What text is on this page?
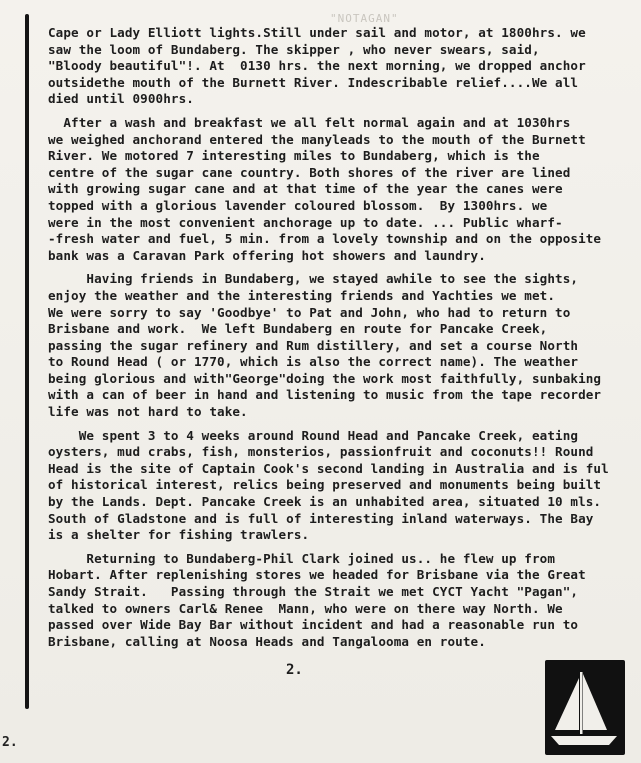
"NOTAGAN"
2.
Cape or Lady Elliott lights.Still under sail and motor, at 1800hrs. we
saw the loom of Bundaberg. The skipper , who never swears, said,
"Bloody beautiful"!. At  0130 hrs. the next morning, we dropped anchor
outsidethe mouth of the Burnett River. Indescribable relief....We all
died until 0900hrs.
After a wash and breakfast we all felt normal again and at 1030hrs
we weighed anchorand entered the manyleads to the mouth of the Burnett
River. We motored 7 interesting miles to Bundaberg, which is the
centre of the sugar cane country. Both shores of the river are lined
with growing sugar cane and at that time of the year the canes were
topped with a glorious lavender coloured blossom.  By 1300hrs. we
were in the most convenient anchorage up to date. ... Public wharf-
-fresh water and fuel, 5 min. from a lovely township and on the opposite
bank was a Caravan Park offering hot showers and laundry.
Having friends in Bundaberg, we stayed awhile to see the sights,
enjoy the weather and the interesting friends and Yachties we met.
We were sorry to say 'Goodbye' to Pat and John, who had to return to
Brisbane and work.  We left Bundaberg en route for Pancake Creek,
passing the sugar refinery and Rum distillery, and set a course North
to Round Head ( or 1770, which is also the correct name). The weather
being glorious and with"George"doing the work most faithfully, sunbaking
with a can of beer in hand and listening to music from the tape recorder
life was not hard to take.
We spent 3 to 4 weeks around Round Head and Pancake Creek, eating
oysters, mud crabs, fish, monsterios, passionfruit and coconuts!! Round
Head is the site of Captain Cook's second landing in Australia and is ful
of historical interest, relics being preserved and monuments being built
by the Lands. Dept. Pancake Creek is an unhabited area, situated 10 mls.
South of Gladstone and is full of interesting inland waterways. The Bay
is a shelter for fishing trawlers.
Returning to Bundaberg-Phil Clark joined us.. he flew up from
Hobart. After replenishing stores we headed for Brisbane via the Great
Sandy Strait.   Passing through the Strait we met CYCT Yacht "Pagan",
talked to owners Carl& Renee  Mann, who were on there way North. We
passed over Wide Bay Bar without incident and had a reasonable run to
Brisbane, calling at Noosa Heads and Tangalooma en route.
2.
